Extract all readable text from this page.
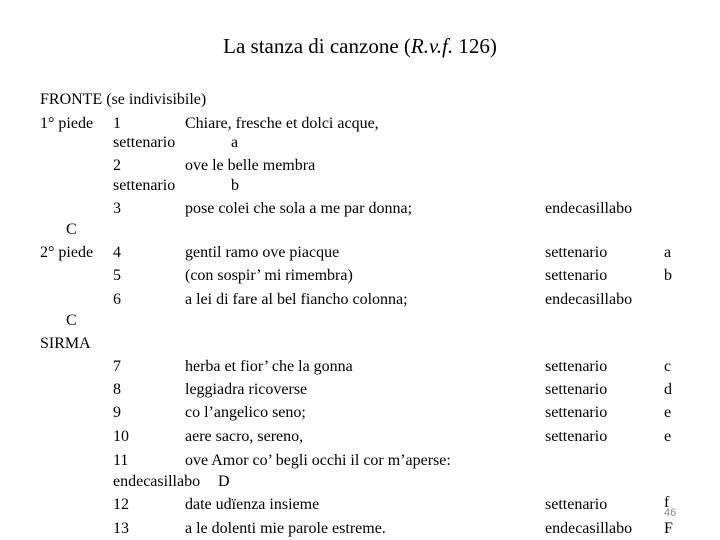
La stanza di canzone (R.v.f. 126)
FRONTE (se indivisibile)
1° piede 1	Chiare, fresche et dolci acque,
settenario	a
2	ove le belle membra
settenario	b
3	pose colei che sola a me par donna;	endecasillabo
C
2° piede 4	gentil ramo ove piacque	settenario	a
5	(con sospir’ mi rimembra)	settenario	b
6	a lei di fare al bel fiancho colonna;	endecasillabo
C
SIRMA
7	herba et fior’ che la gonna	settenario	c
8	leggiadra ricoverse	settenario	d
9	co l’angelico seno;	settenario	e
10	aere sacro, sereno,	settenario	e
11	ove Amor co’ begli occhi il cor m’aperse:
endecasillabo D
12	date udïenza insieme	settenario	f
13	a le dolenti mie parole estreme.	endecasillabo F
46
